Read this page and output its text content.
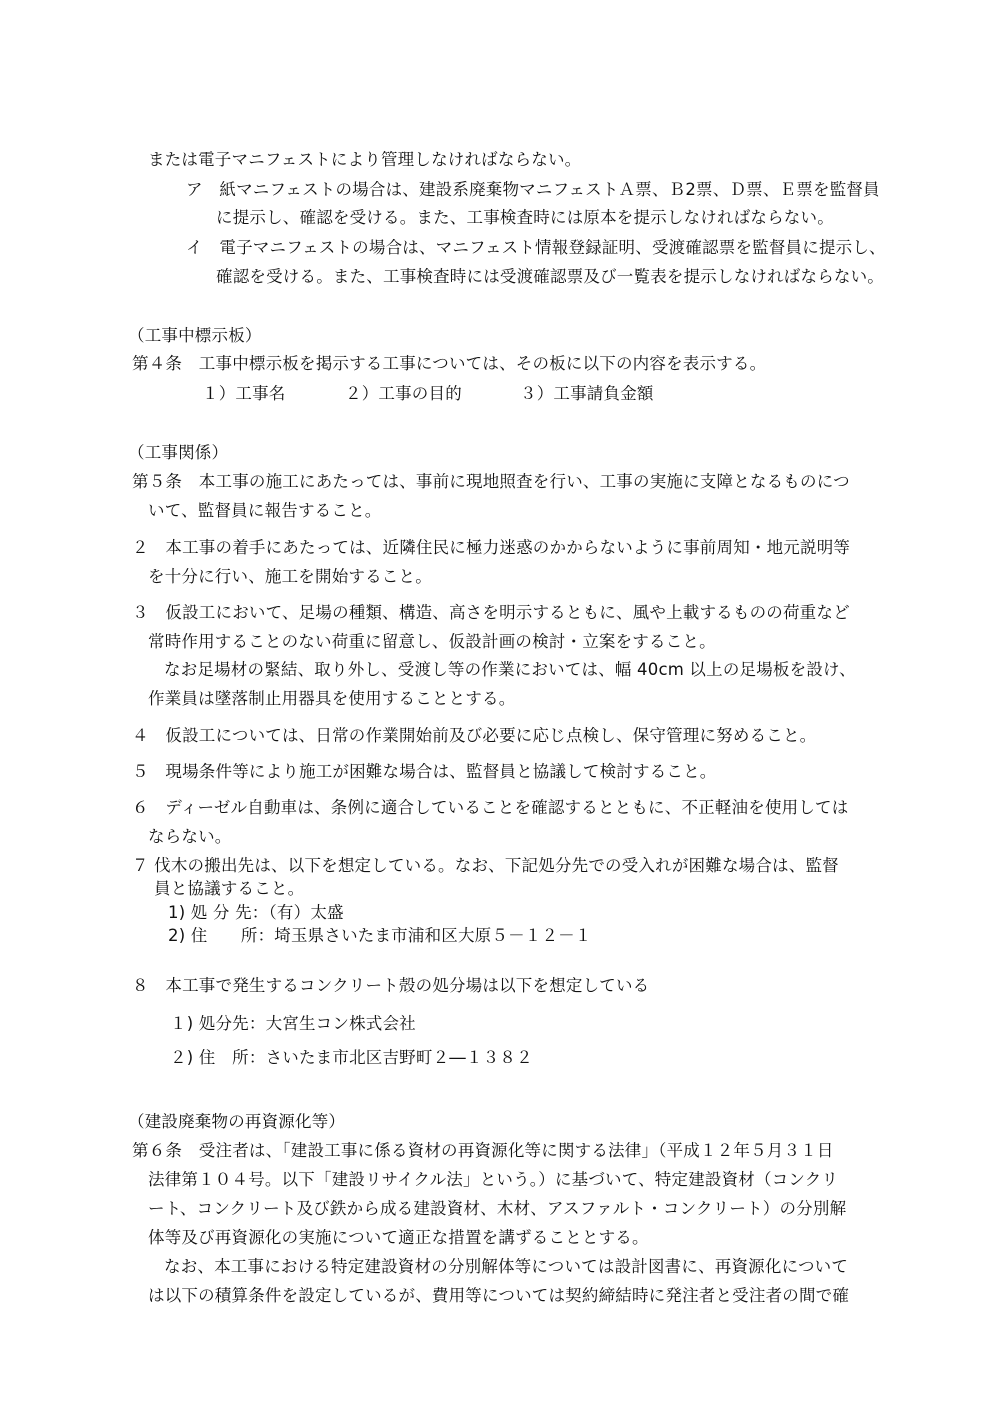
または電子マニフェストにより管理しなければならない。
ア　紙マニフェストの場合は、建設系廃棄物マニフェストＡ票、Ｂ2票、Ｄ票、Ｅ票を監督員
に提示し、確認を受ける。また、工事検査時には原本を提示しなければならない。
イ　電子マニフェストの場合は、マニフェスト情報登録証明、受渡確認票を監督員に提示し、
確認を受ける。また、工事検査時には受渡確認票及び一覧表を提示しなければならない。
（工事中標示板）
第４条　工事中標示板を掲示する工事については、その板に以下の内容を表示する。
１）工事名	２）工事の目的	３）工事請負金額
（工事関係）
第５条　本工事の施工にあたっては、事前に現地照査を行い、工事の実施に支障となるものにつ
いて、監督員に報告すること。
２　本工事の着手にあたっては、近隣住民に極力迷惑のかからないように事前周知・地元説明等
を十分に行い、施工を開始すること。
３　仮設工において、足場の種類、構造、高さを明示するともに、風や上載するものの荷重など
常時作用することのない荷重に留意し、仮設計画の検討・立案をすること。
なお足場材の緊結、取り外し、受渡し等の作業においては、幅 40cm 以上の足場板を設け、
作業員は墜落制止用器具を使用することとする。
４　仮設工については、日常の作業開始前及び必要に応じ点検し、保守管理に努めること。
５　現場条件等により施工が困難な場合は、監督員と協議して検討すること。
６　ディーゼル自動車は、条例に適合していることを確認するとともに、不正軽油を使用しては
ならない。
７ 伐木の搬出先は、以下を想定している。なお、下記処分先での受入れが困難な場合は、監督
員と協議すること。
1) 処 分 先：（有）太盛
2) 住　　所：埼玉県さいたま市浦和区大原５－１２－１
８　本工事で発生するコンクリート殻の処分場は以下を想定している
１) 処分先：大宮生コン株式会社
２) 住　所：さいたま市北区吉野町２―１３８２
（建設廃棄物の再資源化等）
第６条　受注者は、「建設工事に係る資材の再資源化等に関する法律」（平成１２年５月３１日
法律第１０４号。以下「建設リサイクル法」という。）に基づいて、特定建設資材（コンクリ
ート、コンクリート及び鉄から成る建設資材、木材、アスファルト・コンクリート）の分別解
体等及び再資源化の実施について適正な措置を講ずることとする。
なお、本工事における特定建設資材の分別解体等については設計図書に、再資源化について
は以下の積算条件を設定しているが、費用等については契約締結時に発注者と受注者の間で確
